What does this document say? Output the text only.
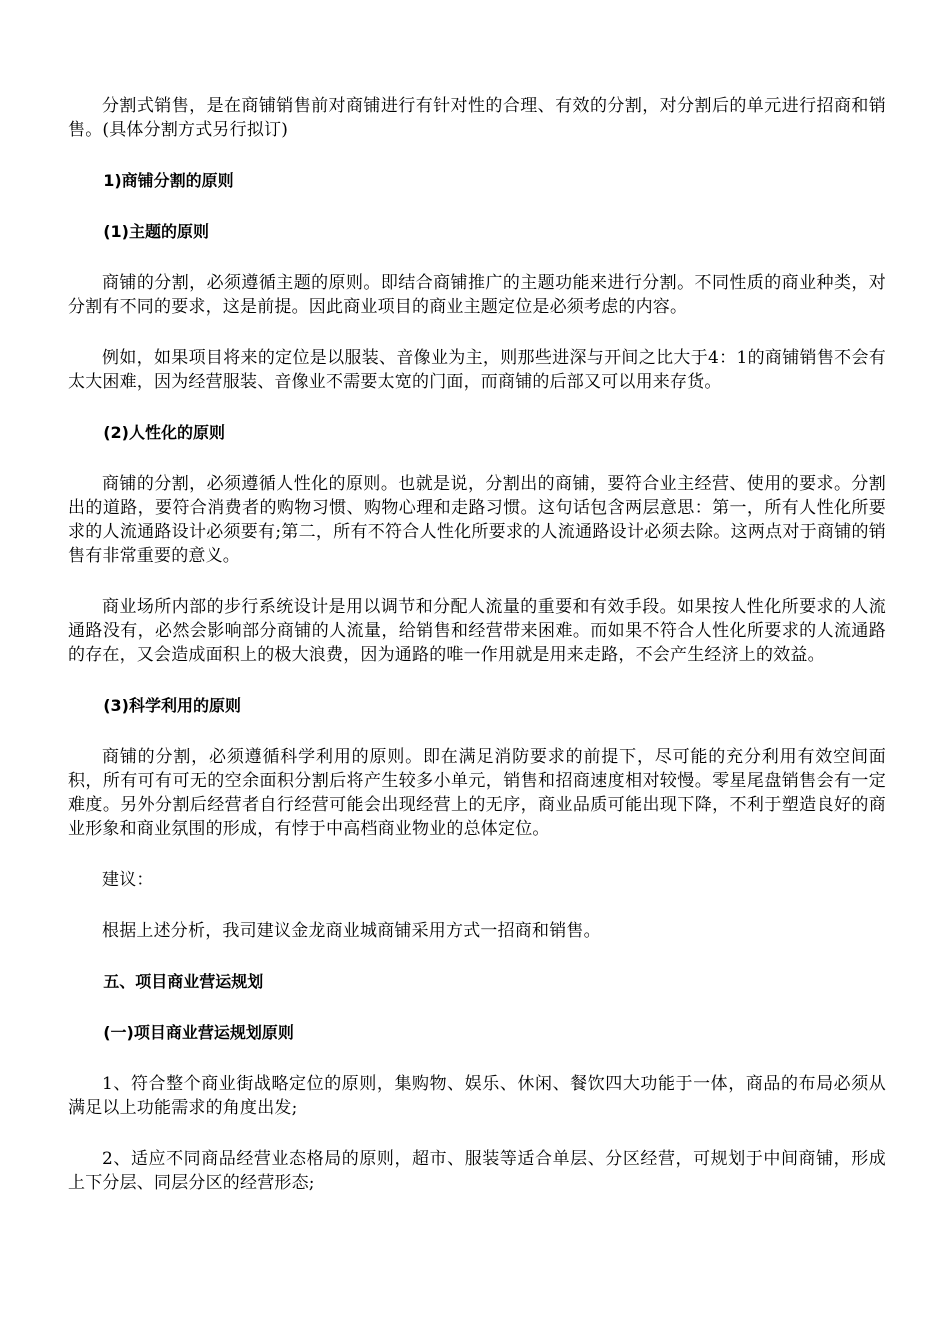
分割式销售，是在商铺销售前对商铺进行有针对性的合理、有效的分割，对分割后的单元进行招商和销售。(具体分割方式另行拟订)

1)商铺分割的原则

(1)主题的原则

商铺的分割，必须遵循主题的原则。即结合商铺推广的主题功能来进行分割。不同性质的商业种类，对分割有不同的要求，这是前提。因此商业项目的商业主题定位是必须考虑的内容。

例如，如果项目将来的定位是以服装、音像业为主，则那些进深与开间之比大于4：1的商铺销售不会有太大困难，因为经营服装、音像业不需要太宽的门面，而商铺的后部又可以用来存货。

(2)人性化的原则

商铺的分割，必须遵循人性化的原则。也就是说，分割出的商铺，要符合业主经营、使用的要求。分割出的道路，要符合消费者的购物习惯、购物心理和走路习惯。这句话包含两层意思：第一，所有人性化所要求的人流通路设计必须要有;第二，所有不符合人性化所要求的人流通路设计必须去除。这两点对于商铺的销售有非常重要的意义。

商业场所内部的步行系统设计是用以调节和分配人流量的重要和有效手段。如果按人性化所要求的人流通路没有，必然会影响部分商铺的人流量，给销售和经营带来困难。而如果不符合人性化所要求的人流通路的存在，又会造成面积上的极大浪费，因为通路的唯一作用就是用来走路，不会产生经济上的效益。

(3)科学利用的原则

商铺的分割，必须遵循科学利用的原则。即在满足消防要求的前提下，尽可能的充分利用有效空间面积，所有可有可无的空余面积分割后将产生较多小单元，销售和招商速度相对较慢。零星尾盘销售会有一定难度。另外分割后经营者自行经营可能会出现经营上的无序，商业品质可能出现下降，不利于塑造良好的商业形象和商业氛围的形成，有悖于中高档商业物业的总体定位。

建议：

根据上述分析，我司建议金龙商业城商铺采用方式一招商和销售。

五、项目商业营运规划

(一)项目商业营运规划原则

1、符合整个商业街战略定位的原则，集购物、娱乐、休闲、餐饮四大功能于一体，商品的布局必须从满足以上功能需求的角度出发;

2、适应不同商品经营业态格局的原则，超市、服装等适合单层、分区经营，可规划于中间商铺，形成上下分层、同层分区的经营形态;
